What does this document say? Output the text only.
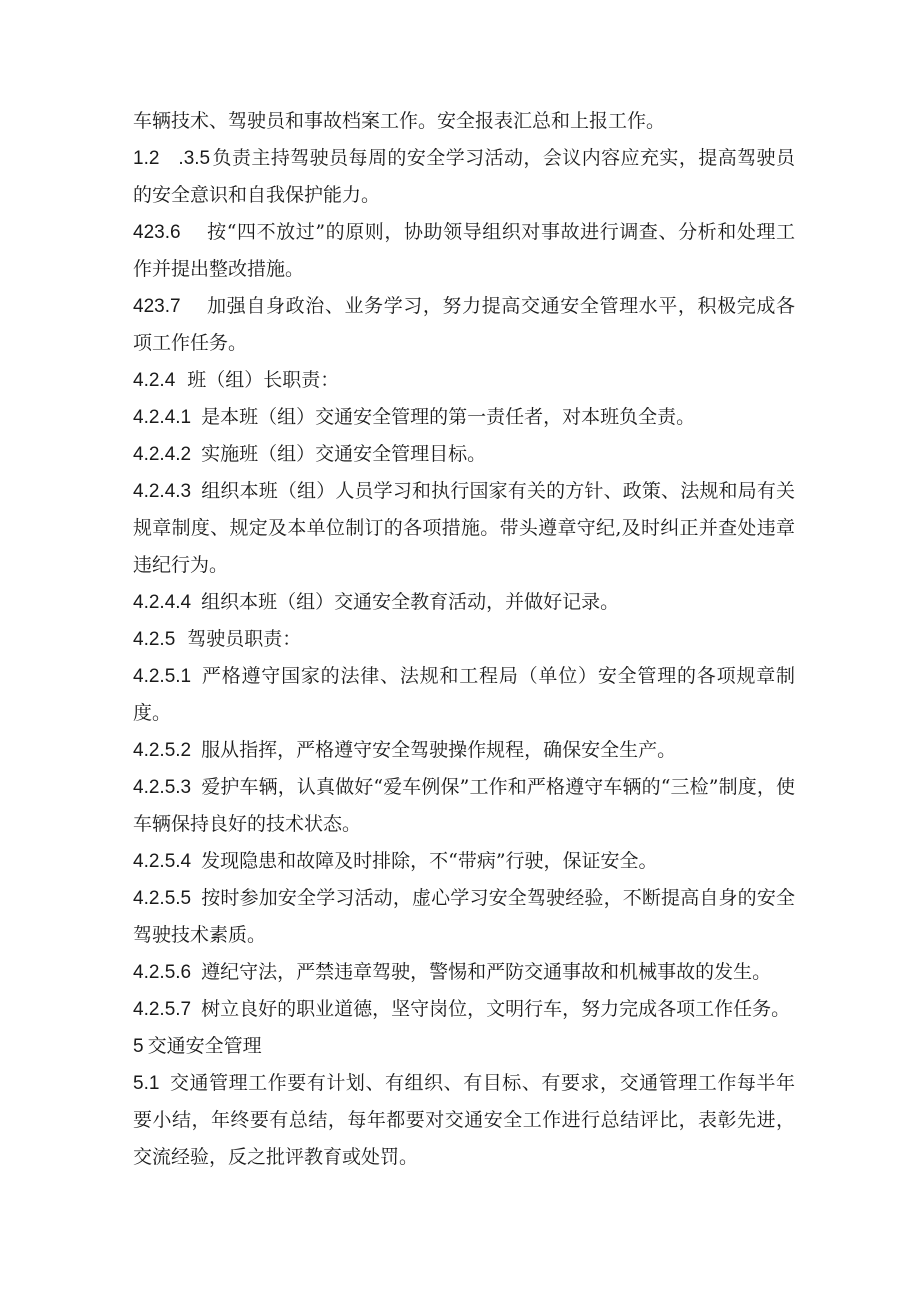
车辆技术、驾驶员和事故档案工作。安全报表汇总和上报工作。

1.2　.3.5 负责主持驾驶员每周的安全学习活动，会议内容应充实，提高驾驶员的安全意识和自我保护能力。

423.6 按“四不放过”的原则，协助领导组织对事故进行调查、分析和处理工作并提出整改措施。

423.7 加强自身政治、业务学习，努力提高交通安全管理水平，积极完成各项工作任务。

4.2.4 班（组）长职责：

4.2.4.1 是本班（组）交通安全管理的第一责任者，对本班负全责。

4.2.4.2 实施班（组）交通安全管理目标。

4.2.4.3 组织本班（组）人员学习和执行国家有关的方针、政策、法规和局有关规章制度、规定及本单位制订的各项措施。带头遵章守纪,及时纠正并查处违章违纪行为。

4.2.4.4 组织本班（组）交通安全教育活动，并做好记录。

4.2.5 驾驶员职责：

4.2.5.1 严格遵守国家的法律、法规和工程局（单位）安全管理的各项规章制度。

4.2.5.2 服从指挥，严格遵守安全驾驶操作规程，确保安全生产。

4.2.5.3 爱护车辆，认真做好“爱车例保”工作和严格遵守车辆的“三检”制度，使车辆保持良好的技术状态。

4.2.5.4 发现隐患和故障及时排除，不“带病”行驶，保证安全。

4.2.5.5 按时参加安全学习活动，虚心学习安全驾驶经验，不断提高自身的安全驾驶技术素质。

4.2.5.6 遵纪守法，严禁违章驾驶，警惕和严防交通事故和机械事故的发生。

4.2.5.7 树立良好的职业道德，坚守岗位，文明行车，努力完成各项工作任务。

5 交通安全管理

5.1 交通管理工作要有计划、有组织、有目标、有要求，交通管理工作每半年要小结，年终要有总结，每年都要对交通安全工作进行总结评比，表彰先进，交流经验，反之批评教育或处罚。
